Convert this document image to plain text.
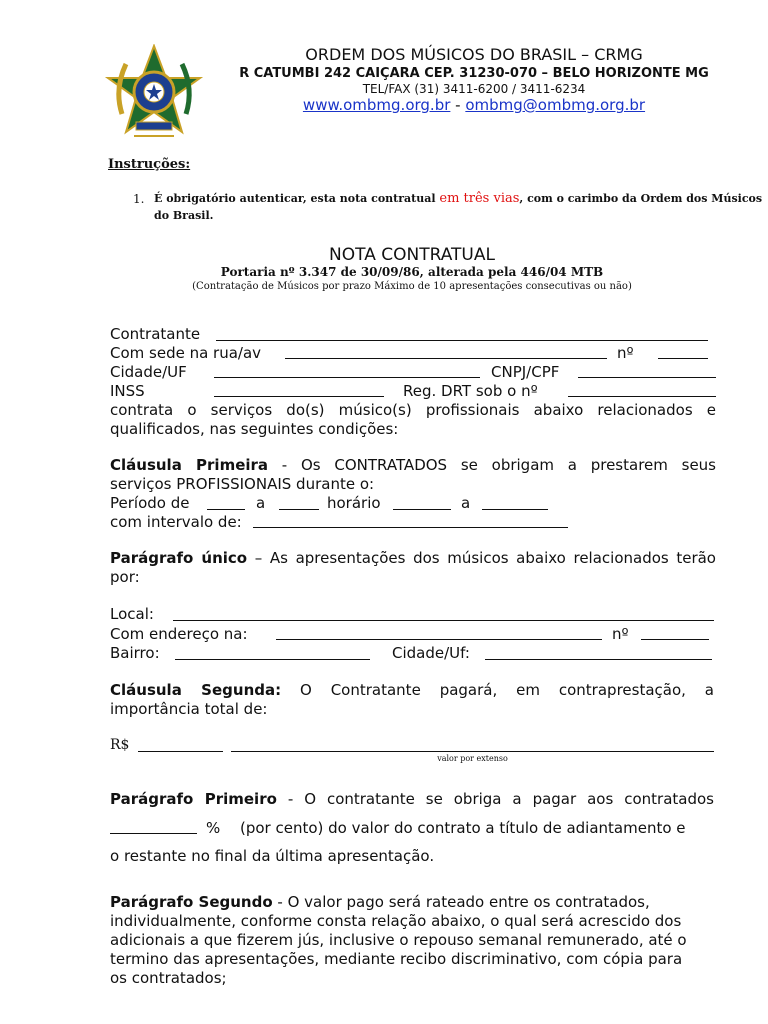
ORDEM DOS MÚSICOS DO BRASIL – CRMG
R CATUMBI 242 CAIÇARA CEP. 31230-070 – BELO HORIZONTE MG
TEL/FAX (31) 3411-6200 / 3411-6234
www.ombmg.org.br - ombmg@ombmg.org.br
Instruções:
1. É obrigatório autenticar, esta nota contratual em três vias, com o carimbo da Ordem dos Músicos
do Brasil.
NOTA CONTRATUAL
Portaria nº 3.347 de 30/09/86, alterada pela 446/04 MTB
(Contratação de Músicos por prazo Máximo de 10 apresentações consecutivas ou não)
Contratante
Com sede na rua/av	nº
Cidade/UF	CNPJ/CPF
INSS	Reg. DRT sob o nº
contrata o serviços do(s) músico(s) profissionais abaixo relacionados e
qualificados, nas seguintes condições:
Cláusula Primeira - Os CONTRATADOS se obrigam a prestarem seus
serviços PROFISSIONAIS durante o:
Período de	a	horário	a
com intervalo de:
Parágrafo único – As apresentações dos músicos abaixo relacionados terão
por:
Local:
Com endereço na:	nº
Bairro:	Cidade/Uf:
Cláusula Segunda: O Contratante pagará, em contraprestação, a
importância total de:
R$
valor por extenso
Parágrafo Primeiro - O contratante se obriga a pagar aos contratados
% (por cento) do valor do contrato a título de adiantamento e
o restante no final da última apresentação.
Parágrafo Segundo - O valor pago será rateado entre os contratados,
individualmente, conforme consta relação abaixo, o qual será acrescido dos
adicionais a que fizerem jús, inclusive o repouso semanal remunerado, até o
termino das apresentações, mediante recibo discriminativo, com cópia para
os contratados;
